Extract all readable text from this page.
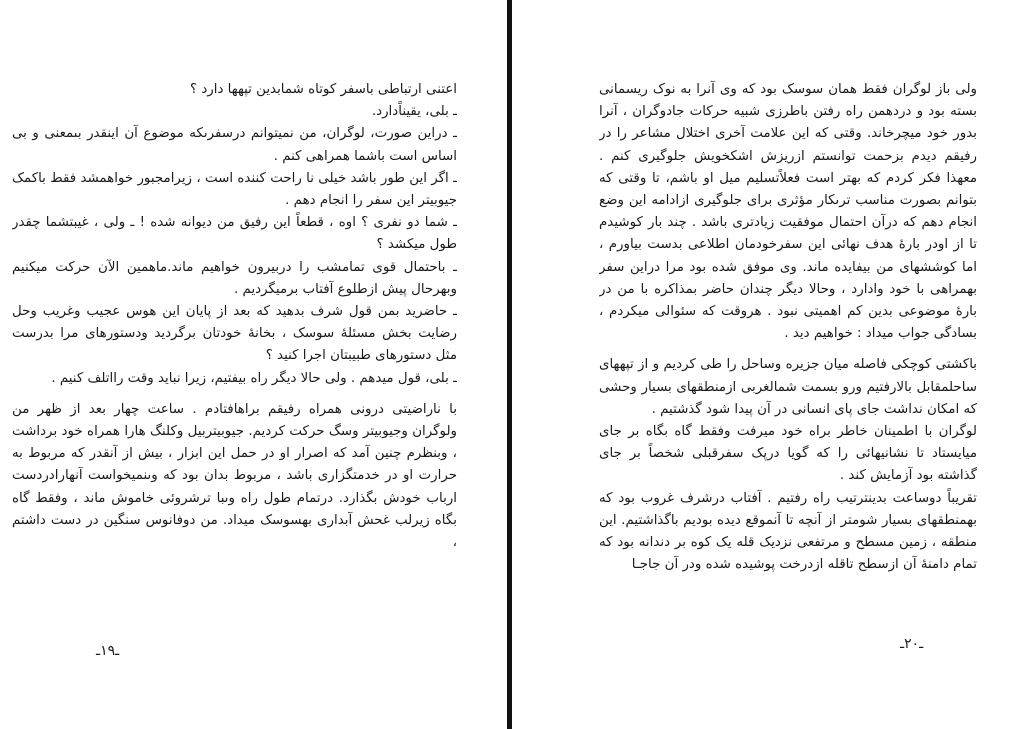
اعتنى ارتباطى باسفر کوتاه شمابدین تپهها دارد ؟

ـ بلى، یقیناًدارد.

ـ دراین صورت، لوگران، من نمیتوانم درسفرىکه موضوع آن اینقدر بىمعنى و بى اساس است باشما همراهى کنم .

ـ اگر این طور باشد خیلى نا راحت کننده است ، زیرامجبور خواهمشد فقط باکمک جیوبیتر این سفر را انجام دهم .

ـ شما دو نفرى ؟ اوه ، قطعاً این رفیق من دیوانه شده ! ـ ولى ، غیبتشما چقدر طول میکشد ؟

ـ باحتمال قوى تمامشب را دربیرون خواهیم ماند.ماهمین الآن حرکت میکنیم وبهرحال پیش ازطلوع آفتاب برمیگردیم .

ـ حاضرید بمن قول شرف بدهید که بعد از پایان این هوس عجیب وغریب وحل رضایت بخش مسئلهٔ سوسک ، بخانهٔ خودتان برگردید ودستورهاى مرا بدرست مثل دستورهاى طبیبتان اجرا کنید ؟

ـ بلى، قول میدهم . ولى حالا دیگر راه بیفتیم، زیرا نباید وقت رااتلف کنیم .

با ناراضیتى درونى همراه رفیقم براهافتادم . ساعت چهار بعد از ظهر من ولوگران وجیوبیتر وسگ حرکت کردیم. جیوبیتربیل وکلنگ هارا همراه خود برداشت ، وبنظرم چنین آمد که اصرار او در حمل این ابزار ، بیش از آنقدر که مربوط به حرارت او در خدمتگزارى باشد ، مربوط بدان بود که وىنمیخواست آنهارادردست ارباب خودش بگذارد. درتمام طول راه وىبا ترشروئى خاموش ماند ، وفقط گاه بگاه زیرلب غحش آبدارى بهسوسک میداد. من دوفانوس سنگین در دست داشتم ،

ـ۱۹ـ

ولى باز لوگران فقط همان سوسک بود که وى آنرا به نوک ریسمانى بسته بود و دردهمن راه رفتن باطرزى شبیه حرکات جادوگران ، آنرا بدور خود میچرخاند. وقتى که این علامت آخرى اختلال مشاعر را در رفیقم دیدم بزحمت توانستم ازریزش اشکخویش جلوگیرى کنم . معهذا فکر کردم که بهتر است فعلاًتسلیم میل او باشم، تا وقتى که بتوانم بصورت مناسب ترىکار مؤثرى براى جلوگیرى ازادامه این وضع انجام دهم که درآن احتمال موفقیت زیادترى باشد . چند بار کوشیدم تا از اودر بارهٔ هدف نهائى این سفرخودمان اطلاعى بدست بیاورم ، اما کوششهاى من بیفایده ماند. وى موفق شده بود مرا دراین سفر بهمراهى با خود وادارد ، وحالا دیگر چندان حاضر بمذاکره با من در بارهٔ موضوعى بدین کم اهمیتى نبود . هروقت که سئوالى میکردم ، بسادگى جواب میداد : خواهیم دید .

باکشتى کوچکى فاصله میان جزیره وساحل را طى کردیم و از تپههاى ساحلمقابل بالارفتیم ورو بسمت شمالغربى ازمنطقهاى بسیار وحشى که امکان نداشت جاى پاى انسانى در آن پیدا شود گذشتیم .

لوگران با اطمینان خاطر براه خود میرفت وفقط گاه بگاه بر جاى میایستاد تا نشانیهائى را که گویا درپک سفرقبلى شخصاً بر جاى گذاشته بود آزمایش کند .

تقریباً دوساعت بدینترتیب راه رفتیم . آفتاب درشرف غروب بود که بهمنطقهاى بسیار شومتر از آنچه تا آنموقع دیده بودیم باگذاشتیم. این منطقه ، زمین مسطح و مرتفعى نزدیک قله یک کوه بر دندانه بود که تمام دامنهٔ آن ازسطح تاقله ازدرخت پوشیده شده ودر آن جاجـﺎ

ـ۲۰ـ
